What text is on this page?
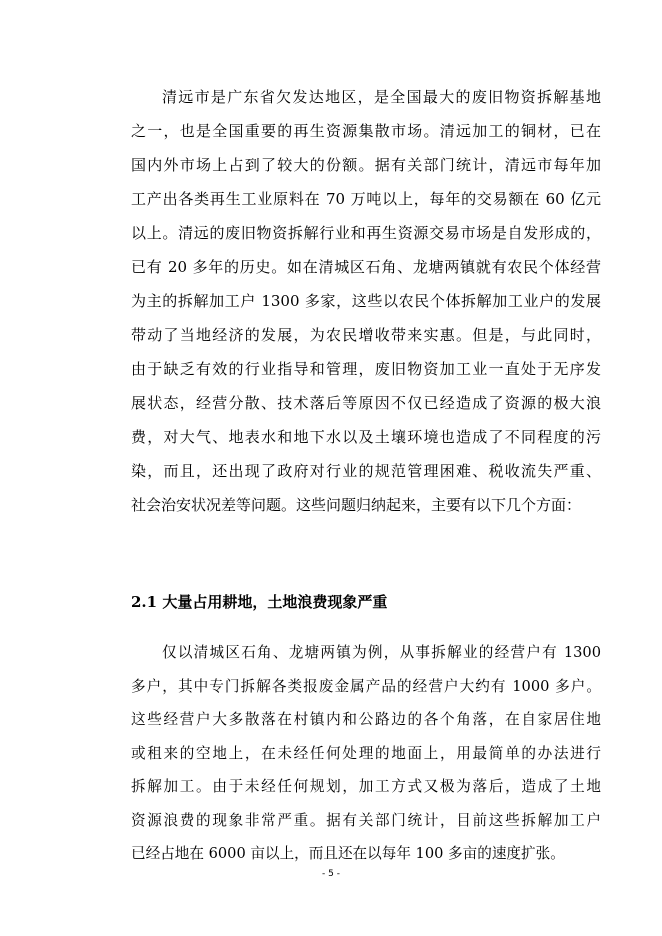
清远市是广东省欠发达地区，是全国最大的废旧物资拆解基地
之一，也是全国重要的再生资源集散市场。清远加工的铜材，已在
国内外市场上占到了较大的份额。据有关部门统计，清远市每年加
工产出各类再生工业原料在 70 万吨以上，每年的交易额在 60 亿元
以上。清远的废旧物资拆解行业和再生资源交易市场是自发形成的，
已有 20 多年的历史。如在清城区石角、龙塘两镇就有农民个体经营
为主的拆解加工户 1300 多家，这些以农民个体拆解加工业户的发展
带动了当地经济的发展，为农民增收带来实惠。但是，与此同时，
由于缺乏有效的行业指导和管理，废旧物资加工业一直处于无序发
展状态，经营分散、技术落后等原因不仅已经造成了资源的极大浪
费，对大气、地表水和地下水以及土壤环境也造成了不同程度的污
染，而且，还出现了政府对行业的规范管理困难、税收流失严重、
社会治安状况差等问题。这些问题归纳起来，主要有以下几个方面：
2.1 大量占用耕地，土地浪费现象严重
仅以清城区石角、龙塘两镇为例，从事拆解业的经营户有 1300
多户，其中专门拆解各类报废金属产品的经营户大约有 1000 多户。
这些经营户大多散落在村镇内和公路边的各个角落，在自家居住地
或租来的空地上，在未经任何处理的地面上，用最简单的办法进行
拆解加工。由于未经任何规划，加工方式又极为落后，造成了土地
资源浪费的现象非常严重。据有关部门统计，目前这些拆解加工户
已经占地在 6000 亩以上，而且还在以每年 100 多亩的速度扩张。
- 5 -
